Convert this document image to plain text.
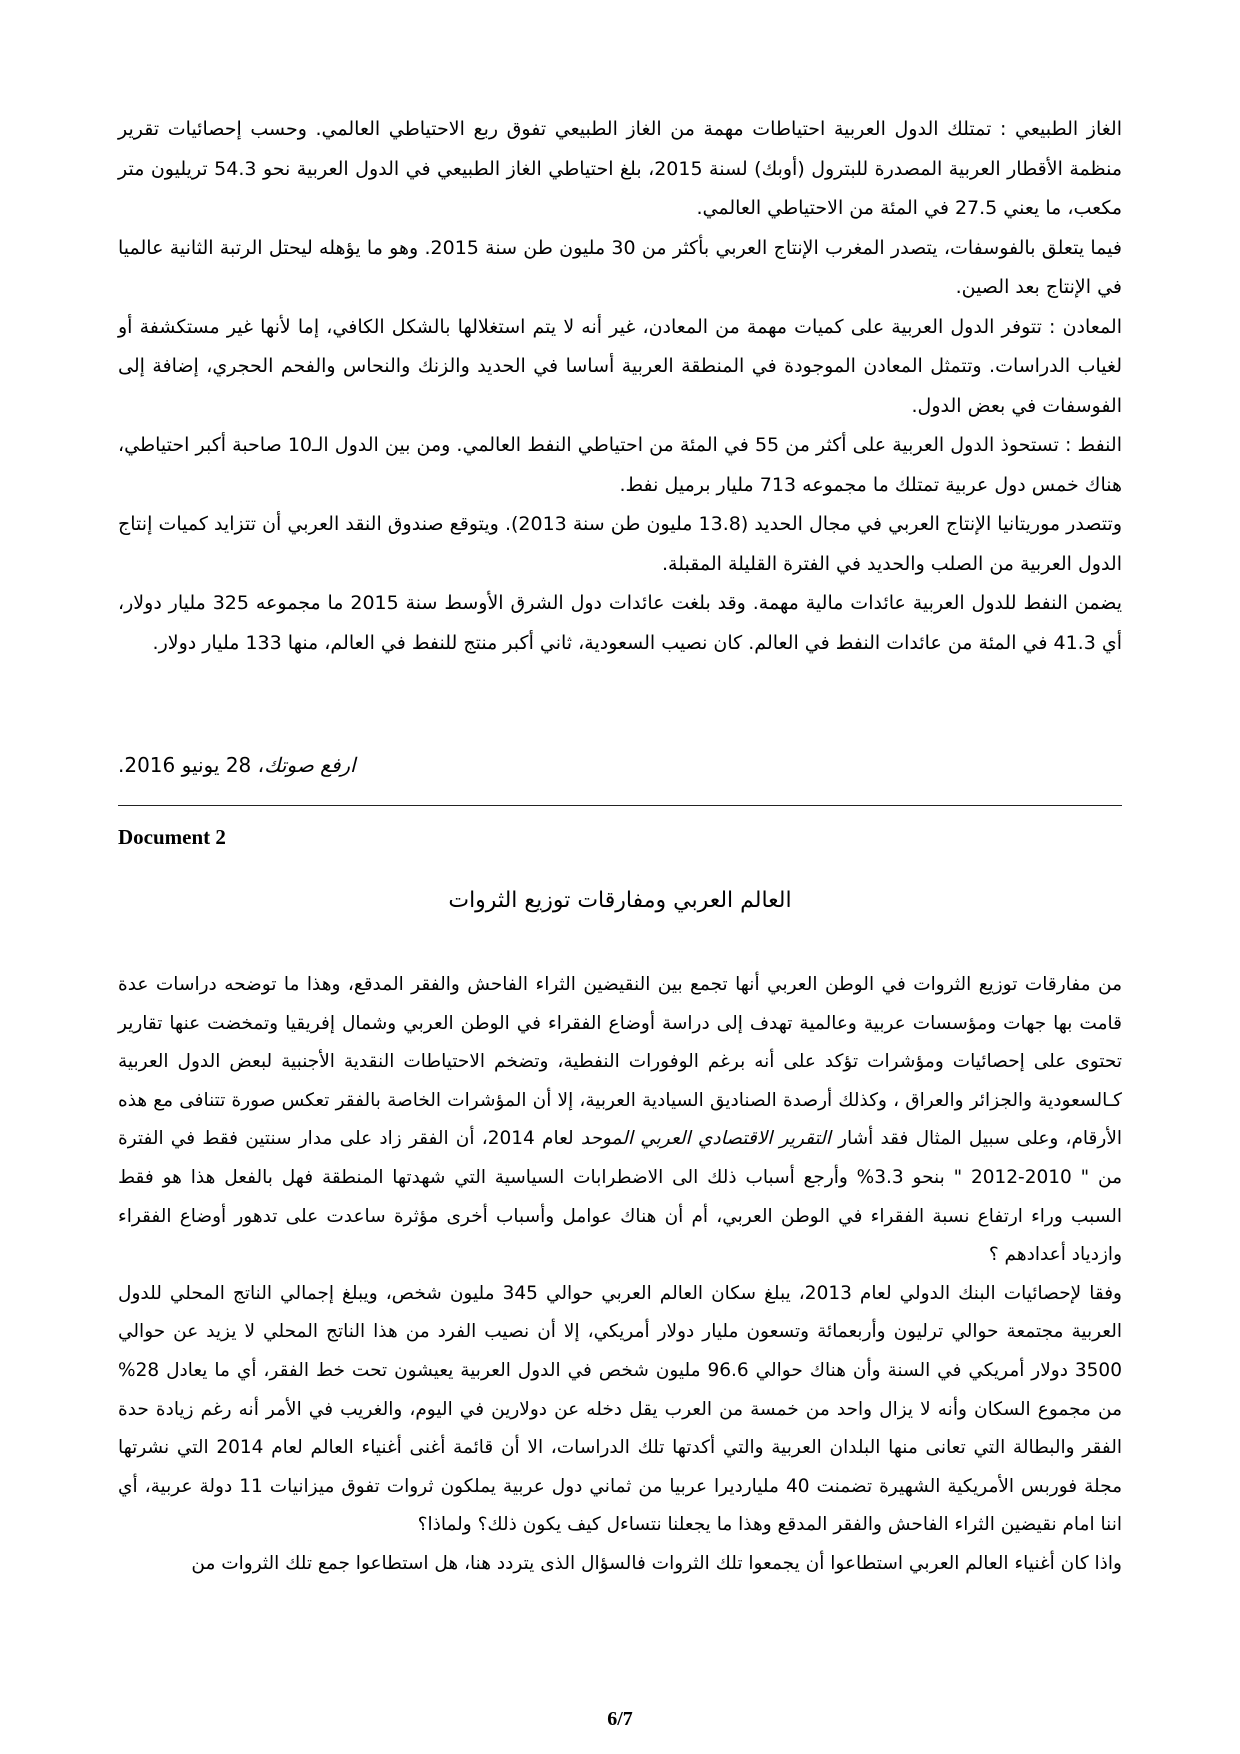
الغاز الطبيعي : تمتلك الدول العربية احتياطات مهمة من الغاز الطبيعي تفوق ربع الاحتياطي العالمي. وحسب إحصائيات تقرير منظمة الأقطار العربية المصدرة للبترول (أوبك) لسنة 2015، بلغ احتياطي الغاز الطبيعي في الدول العربية نحو 54.3 تريليون متر مكعب، ما يعني 27.5 في المئة من الاحتياطي العالمي.

فيما يتعلق بالفوسفات، يتصدر المغرب الإنتاج العربي بأكثر من 30 مليون طن سنة 2015. وهو ما يؤهله ليحتل الرتبة الثانية عالميا في الإنتاج بعد الصين.

المعادن : تتوفر الدول العربية على كميات مهمة من المعادن، غير أنه لا يتم استغلالها بالشكل الكافي، إما لأنها غير مستكشفة أو لغياب الدراسات. وتتمثل المعادن الموجودة في المنطقة العربية أساسا في الحديد والزنك والنحاس والفحم الحجري، إضافة إلى الفوسفات في بعض الدول.

النفط : تستحوذ الدول العربية على أكثر من 55 في المئة من احتياطي النفط العالمي. ومن بين الدول الـ10 صاحبة أكبر احتياطي، هناك خمس دول عربية تمتلك ما مجموعه 713 مليار برميل نفط.

وتتصدر موريتانيا الإنتاج العربي في مجال الحديد (13.8 مليون طن سنة 2013). ويتوقع صندوق النقد العربي أن تتزايد كميات إنتاج الدول العربية من الصلب والحديد في الفترة القليلة المقبلة.

يضمن النفط للدول العربية عائدات مالية مهمة. وقد بلغت عائدات دول الشرق الأوسط سنة 2015 ما مجموعه 325 مليار دولار، أي 41.3 في المئة من عائدات النفط في العالم. كان نصيب السعودية، ثاني أكبر منتج للنفط في العالم، منها 133 مليار دولار.

ارفع صوتك، 28 يونيو 2016.
Document 2
العالم العربي ومفارقات توزيع الثروات

من مفارقات توزيع الثروات في الوطن العربي أنها تجمع بين النقيضين الثراء الفاحش والفقر المدقع، وهذا ما توضحه دراسات عدة قامت بها جهات ومؤسسات عربية وعالمية تهدف إلى دراسة أوضاع الفقراء في الوطن العربي وشمال إفريقيا وتمخضت عنها تقارير تحتوى على إحصائيات ومؤشرات تؤكد على أنه برغم الوفورات النفطية، وتضخم الاحتياطات النقدية الأجنبية لبعض الدول العربية كـالسعودية والجزائر والعراق ، وكذلك أرصدة الصناديق السيادية العربية، إلا أن المؤشرات الخاصة بالفقر تعكس صورة تتنافى مع هذه الأرقام، وعلى سبيل المثال فقد أشار التقرير الاقتصادي العربي الموحد لعام 2014، أن الفقر زاد على مدار سنتين فقط في الفترة من " 2010-2012 " بنحو 3.3% وأرجع أسباب ذلك الى الاضطرابات السياسية التي شهدتها المنطقة فهل بالفعل هذا هو فقط السبب وراء ارتفاع نسبة الفقراء في الوطن العربي، أم أن هناك عوامل وأسباب أخرى مؤثرة ساعدت على تدهور أوضاع الفقراء وازدياد أعدادهم ؟

وفقا لإحصائيات البنك الدولي لعام 2013، يبلغ سكان العالم العربي حوالي 345 مليون شخص، ويبلغ إجمالي الناتج المحلي للدول العربية مجتمعة حوالي ترليون وأربعمائة وتسعون مليار دولار أمريكي، إلا أن نصيب الفرد من هذا الناتج المحلي لا يزيد عن حوالي 3500 دولار أمريكي في السنة وأن هناك حوالي 96.6 مليون شخص في الدول العربية يعيشون تحت خط الفقر، أي ما يعادل 28% من مجموع السكان وأنه لا يزال واحد من خمسة من العرب يقل دخله عن دولارين في اليوم، والغريب في الأمر أنه رغم زيادة حدة الفقر والبطالة التي تعانى منها البلدان العربية والتي أكدتها تلك الدراسات، الا أن قائمة أغنى أغنياء العالم لعام 2014 التي نشرتها مجلة فوربس الأمريكية الشهيرة تضمنت 40 مليارديرا عربيا من ثماني دول عربية يملكون ثروات تفوق ميزانيات 11 دولة عربية، أي اننا امام نقيضين الثراء الفاحش والفقر المدقع وهذا ما يجعلنا نتساءل كيف يكون ذلك؟ ولماذا؟

واذا كان أغنياء العالم العربي استطاعوا أن يجمعوا تلك الثروات فالسؤال الذى يتردد هنا، هل استطاعوا جمع تلك الثروات من

6/7
